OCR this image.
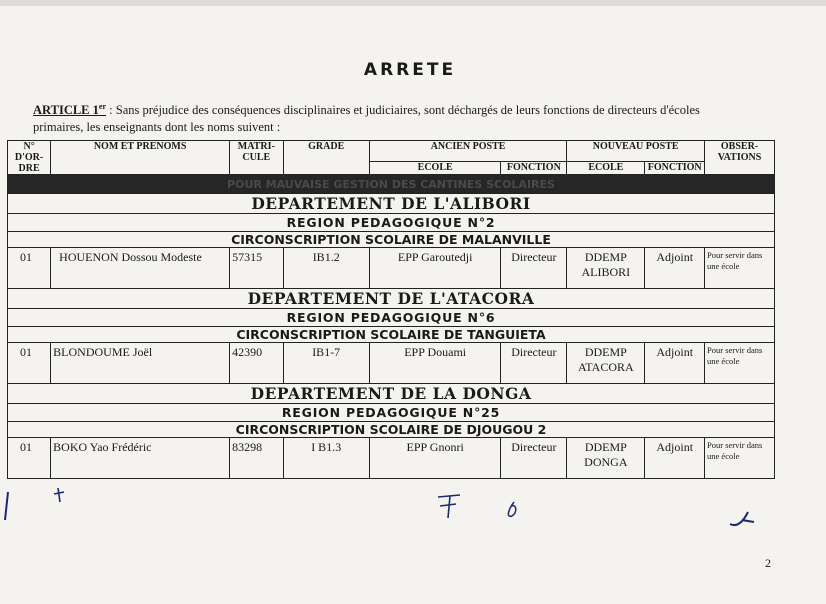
ARRETE
ARTICLE 1er : Sans préjudice des conséquences disciplinaires et judiciaires, sont déchargés de leurs fonctions de directeurs d'écoles primaires, les enseignants dont les noms suivent :
N° D'OR-DRE	NOM ET PRENOMS	MATRI-CULE	GRADE	ANCIEN POSTE		NOUVEAU POSTE		OBSER-VATIONS
				ECOLE	FONCTION	ECOLE	FONCTION	
POUR MAUVAISE GESTION DES CANTINES SCOLAIRES								
DEPARTEMENT DE L'ALIBORI								
REGION PEDAGOGIQUE N°2								
CIRCONSCRIPTION SCOLAIRE DE MALANVILLE								
01	HOUENON Dossou Modeste	57315	IB1.2	EPP Garoutedji	Directeur	DDEMP ALIBORI	Adjoint	Pour servir dans une école
DEPARTEMENT DE L'ATACORA								
REGION PEDAGOGIQUE N°6								
CIRCONSCRIPTION SCOLAIRE DE TANGUIETA								
01	BLONDOUME Joël	42390	IB1-7	EPP Douami	Directeur	DDEMP ATACORA	Adjoint	Pour servir dans une école
DEPARTEMENT DE LA DONGA								
REGION PEDAGOGIQUE N°25								
CIRCONSCRIPTION SCOLAIRE DE DJOUGOU 2								
01	BOKO Yao Frédéric	83298	I B1.3	EPP Gnonri	Directeur	DDEMP DONGA	Adjoint	Pour servir dans une école
2
